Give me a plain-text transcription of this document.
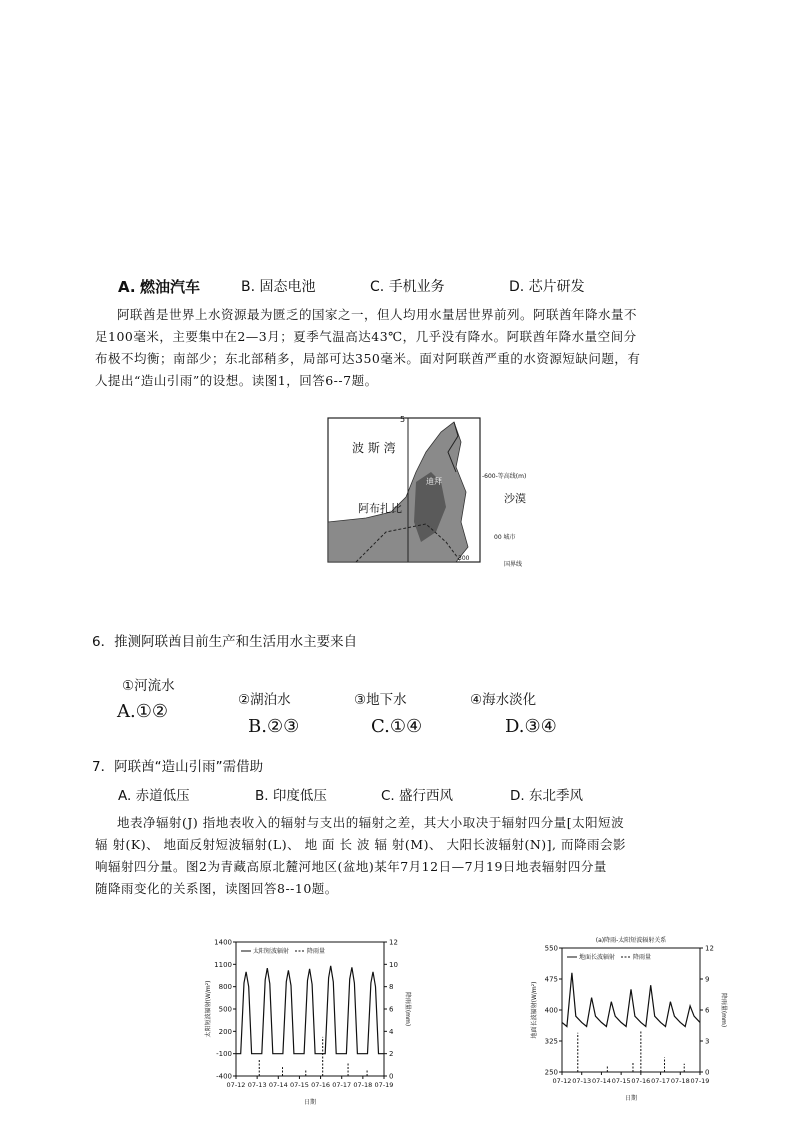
A. 燃油汽车	B. 固态电池	C. 手机业务	D. 芯片研发
阿联酋是世界上水资源最为匮乏的国家之一，但人均用水量居世界前列。阿联酋年降水量不
足100毫米，主要集中在2—3月；夏季气温高达43℃，几乎没有降水。阿联酋年降水量空间分
布极不均衡；南部少；东北部稍多，局部可达350毫米。面对阿联酋严重的水资源短缺问题，有
人提出“造山引雨”的设想。读图1，回答6--7题。
波 斯 湾
阿布扎比
迪拜
沙漠
5
-600-等高线(m)
00 城市
国界线
300
6．推测阿联酋目前生产和生活用水主要来自
①河流水
②湖泊水	③地下水	④海水淡化
A.①②
B.②③	C.①④	D.③④
7．阿联酋“造山引雨”需借助
A. 赤道低压	B. 印度低压	C. 盛行西风	D. 东北季风
地表净辐射(J) 指地表收入的辐射与支出的辐射之差，其大小取决于辐射四分量[太阳短波
辐 射(K)、 地面反射短波辐射(L)、 地 面 长 波 辐 射(M)、 大阳长波辐射(N)], 而降雨会影
响辐射四分量。图2为青藏高原北麓河地区(盆地)某年7月12日—7月19日地表辐射四分量
随降雨变化的关系图，读图回答8--10题。
-400
-100
200
500
800
1100
1400
0
2
4
6
8
10
12
07-12 07-13 07-14 07-15 07-16 07-17 07-18 07-19
日期
太阳短波辐射(W/m²)	降雨量(mm)
太阳短波辐射	降雨量
(a)降雨-太阳短波辐射关系
250
325
400
475
550
0
3
6
9
12
07-12 07-13 07-14 07-15 07-16 07-17 07-18 07-19
日期
地面长波辐射(W/m²)	降雨量(mm)
地面长波辐射	降雨量
